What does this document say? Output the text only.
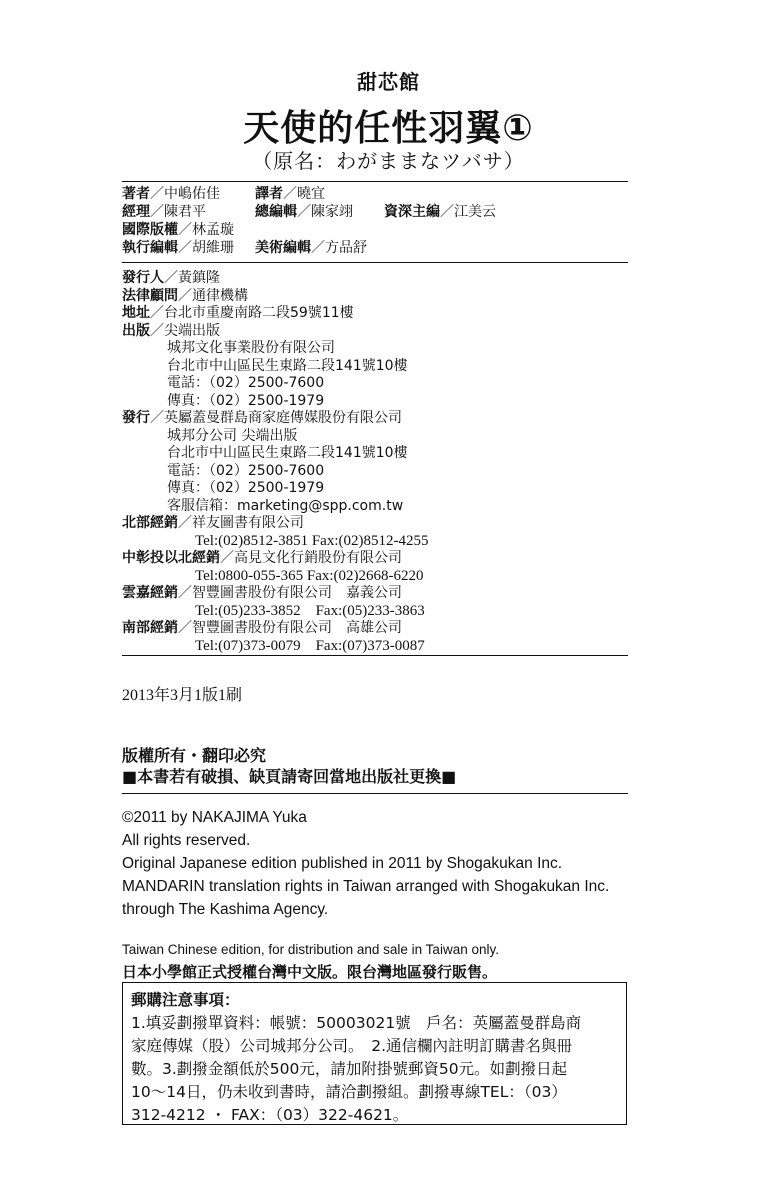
甜芯館
天使的任性羽翼①
（原名：わがままなツバサ）
著者／中嶋佑佳	譯者／曉宜
經理／陳君平	總編輯／陳家翊 資深主編／江美云
國際版權／林孟璇
執行編輯／胡維珊 美術編輯／方品舒
發行人／黃鎮隆
法律顧問／通律機構
地址／台北市重慶南路二段59號11樓
出版／尖端出版
城邦文化事業股份有限公司
台北市中山區民生東路二段141號10樓
電話：（02）2500-7600
傳真：（02）2500-1979
發行／英屬蓋曼群島商家庭傳媒股份有限公司
城邦分公司 尖端出版
台北市中山區民生東路二段141號10樓
電話：（02）2500-7600
傳真：（02）2500-1979
客服信箱：marketing@spp.com.tw
北部經銷／祥友圖書有限公司
Tel:(02)8512-3851 Fax:(02)8512-4255
中彰投以北經銷／高見文化行銷股份有限公司
Tel:0800-055-365 Fax:(02)2668-6220
雲嘉經銷／智豐圖書股份有限公司　嘉義公司
Tel:(05)233-3852　Fax:(05)233-3863
南部經銷／智豐圖書股份有限公司　高雄公司
Tel:(07)373-0079　Fax:(07)373-0087
2013年3月1版1刷
版權所有・翻印必究
■本書若有破損、缺頁請寄回當地出版社更換■
©2011 by NAKAJIMA Yuka
All rights reserved.
Original Japanese edition published in 2011 by Shogakukan Inc.
MANDARIN translation rights in Taiwan arranged with Shogakukan Inc.
through The Kashima Agency.
Taiwan Chinese edition, for distribution and sale in Taiwan only.
日本小學館正式授權台灣中文版。限台灣地區發行販售。
郵購注意事項：
1.填妥劃撥單資料：帳號：50003021號　戶名：英屬蓋曼群島商
家庭傳媒（股）公司城邦分公司。　2.通信欄內註明訂購書名與冊
數。3.劃撥金額低於500元，請加附掛號郵資50元。如劃撥日起
10～14日，仍未收到書時，請洽劃撥組。劃撥專線TEL：（03）
312-4212 ・ FAX：（03）322-4621。
